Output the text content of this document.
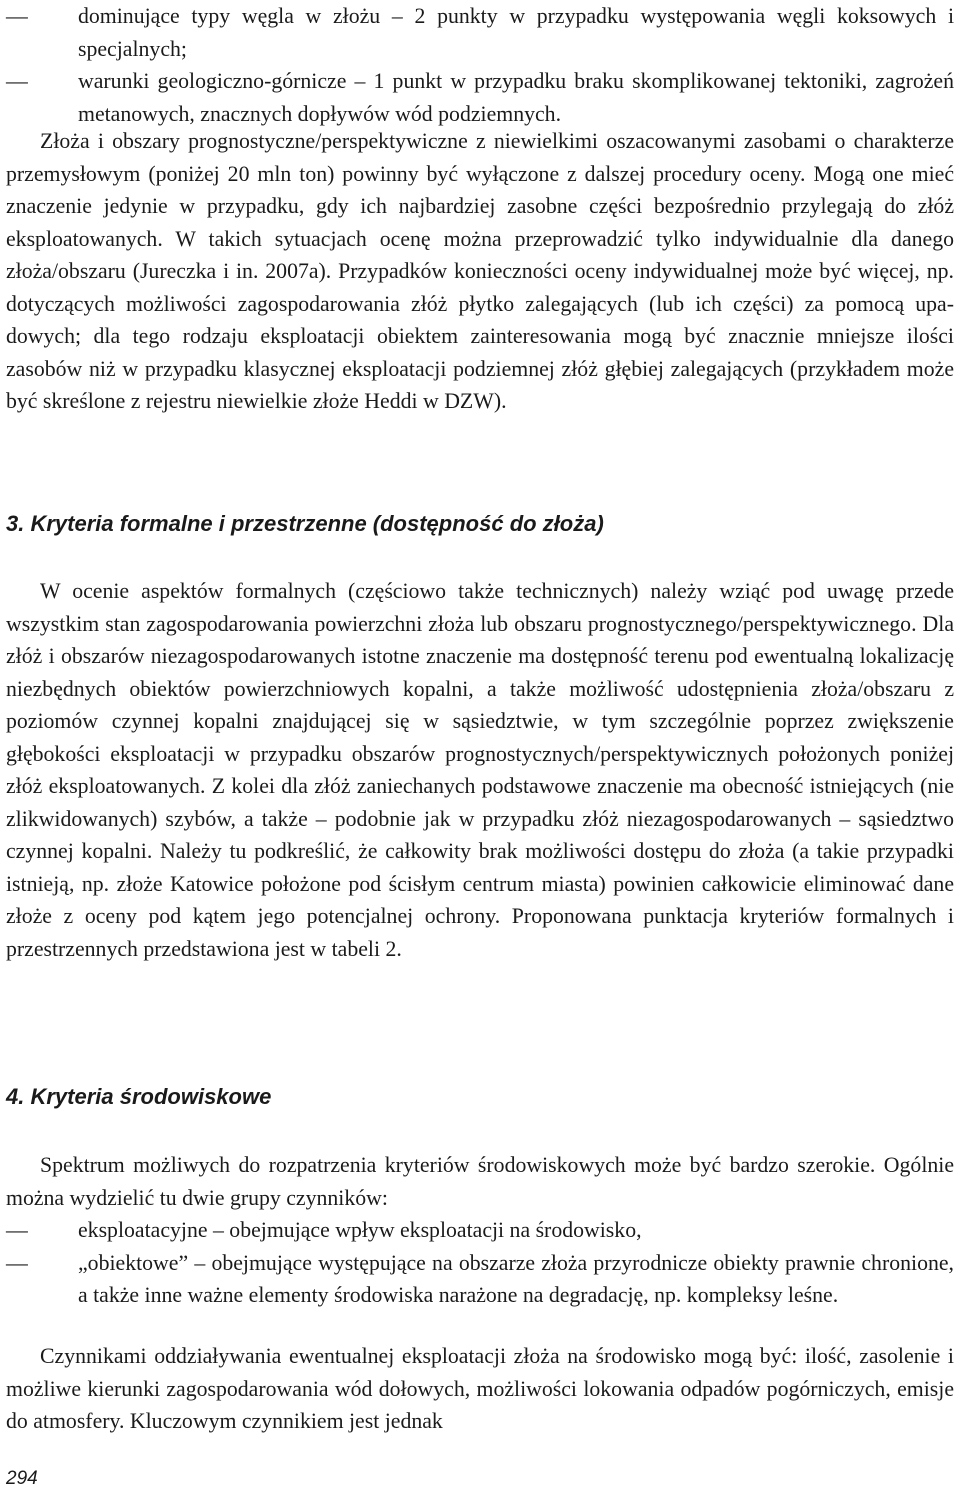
—	dominujące typy węgla w złożu – 2 punkty w przypadku występowania węgli koksowych i specjalnych;
—	warunki geologiczno-górnicze – 1 punkt w przypadku braku skomplikowanej tektoniki, zagrożeń metanowych, znacznych dopływów wód podziemnych.

Złoża i obszary prognostyczne/perspektywiczne z niewielkimi oszacowanymi zasobami o charakterze przemysłowym (poniżej 20 mln ton) powinny być wyłączone z dalszej procedury oceny. Mogą one mieć znaczenie jedynie w przypadku, gdy ich najbardziej zasobne części bezpośrednio przylegają do złóż eksploatowanych. W takich sytuacjach ocenę można przeprowadzić tylko indywidualnie dla danego złoża/obszaru (Jureczka i in. 2007a). Przypadków konieczności oceny indywidualnej może być więcej, np. dotyczących możliwości zagospodarowania złóż płytko zalegających (lub ich części) za pomocą upadowych; dla tego rodzaju eksploatacji obiektem zainteresowania mogą być znacznie mniejsze ilości zasobów niż w przypadku klasycznej eksploatacji podziemnej złóż głębiej zalegających (przykładem może być skreślone z rejestru niewielkie złoże Heddi w DZW).

3. Kryteria formalne i przestrzenne (dostępność do złoża)

W ocenie aspektów formalnych (częściowo także technicznych) należy wziąć pod uwagę przede wszystkim stan zagospodarowania powierzchni złoża lub obszaru prognostycznego/perspektywicznego. Dla złóż i obszarów niezagospodarowanych istotne znaczenie ma dostępność terenu pod ewentualną lokalizację niezbędnych obiektów powierzchniowych kopalni, a także możliwość udostępnienia złoża/obszaru z poziomów czynnej kopalni znajdującej się w sąsiedztwie, w tym szczególnie poprzez zwiększenie głębokości eksploatacji w przypadku obszarów prognostycznych/perspektywicznych położonych poniżej złóż eksploatowanych. Z kolei dla złóż zaniechanych podstawowe znaczenie ma obecność istniejących (nie zlikwidowanych) szybów, a także – podobnie jak w przypadku złóż niezagospodarowanych – sąsiedztwo czynnej kopalni. Należy tu podkreślić, że całkowity brak możliwości dostępu do złoża (a takie przypadki istnieją, np. złoże Katowice położone pod ścisłym centrum miasta) powinien całkowicie eliminować dane złoże z oceny pod kątem jego potencjalnej ochrony. Proponowana punktacja kryteriów formalnych i przestrzennych przedstawiona jest w tabeli 2.

4. Kryteria środowiskowe

Spektrum możliwych do rozpatrzenia kryteriów środowiskowych może być bardzo szerokie. Ogólnie można wydzielić tu dwie grupy czynników:

—	eksploatacyjne – obejmujące wpływ eksploatacji na środowisko,
—	„obiektowe” – obejmujące występujące na obszarze złoża przyrodnicze obiekty prawnie chronione, a także inne ważne elementy środowiska narażone na degradację, np. kompleksy leśne.

Czynnikami oddziaływania ewentualnej eksploatacji złoża na środowisko mogą być: ilość, zasolenie i możliwe kierunki zagospodarowania wód dołowych, możliwości lokowania odpadów pogórniczych, emisje do atmosfery. Kluczowym czynnikiem jest jednak

294
